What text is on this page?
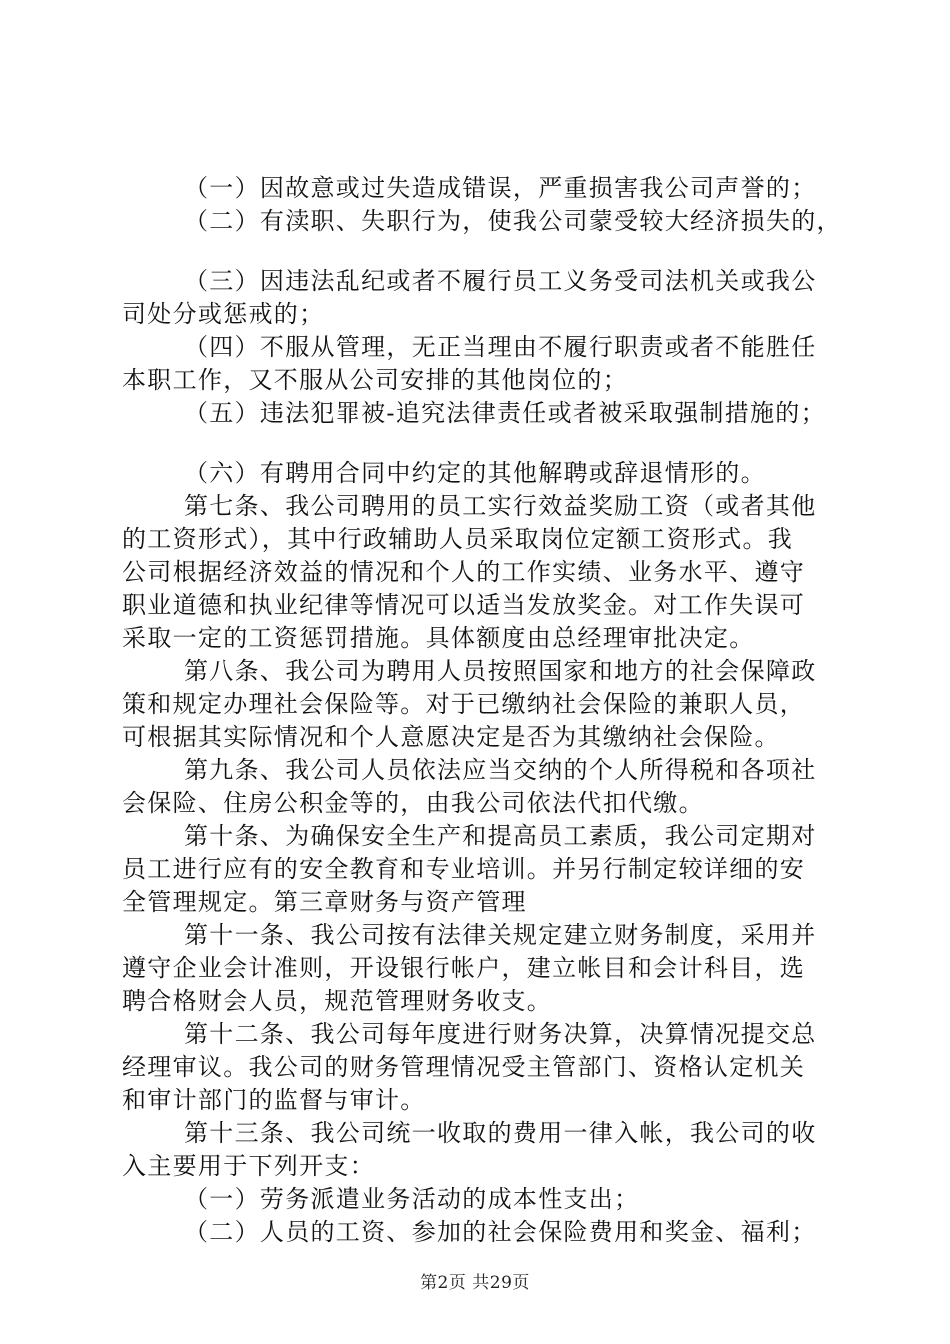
（一）因故意或过失造成错误，严重损害我公司声誉的；
（二）有渎职、失职行为，使我公司蒙受较大经济损失的，
（三）因违法乱纪或者不履行员工义务受司法机关或我公
司处分或惩戒的；
（四）不服从管理，无正当理由不履行职责或者不能胜任
本职工作，又不服从公司安排的其他岗位的；
（五）违法犯罪被-追究法律责任或者被采取强制措施的；
（六）有聘用合同中约定的其他解聘或辞退情形的。
第七条、我公司聘用的员工实行效益奖励工资（或者其他
的工资形式），其中行政辅助人员采取岗位定额工资形式。我
公司根据经济效益的情况和个人的工作实绩、业务水平、遵守
职业道德和执业纪律等情况可以适当发放奖金。对工作失误可
采取一定的工资惩罚措施。具体额度由总经理审批决定。
第八条、我公司为聘用人员按照国家和地方的社会保障政
策和规定办理社会保险等。对于已缴纳社会保险的兼职人员，
可根据其实际情况和个人意愿决定是否为其缴纳社会保险。
第九条、我公司人员依法应当交纳的个人所得税和各项社
会保险、住房公积金等的，由我公司依法代扣代缴。
第十条、为确保安全生产和提高员工素质，我公司定期对
员工进行应有的安全教育和专业培训。并另行制定较详细的安
全管理规定。第三章财务与资产管理
第十一条、我公司按有法律关规定建立财务制度，采用并
遵守企业会计准则，开设银行帐户，建立帐目和会计科目，选
聘合格财会人员，规范管理财务收支。
第十二条、我公司每年度进行财务决算，决算情况提交总
经理审议。我公司的财务管理情况受主管部门、资格认定机关
和审计部门的监督与审计。
第十三条、我公司统一收取的费用一律入帐，我公司的收
入主要用于下列开支：
（一）劳务派遣业务活动的成本性支出；
（二）人员的工资、参加的社会保险费用和奖金、福利；
第2页 共29页
